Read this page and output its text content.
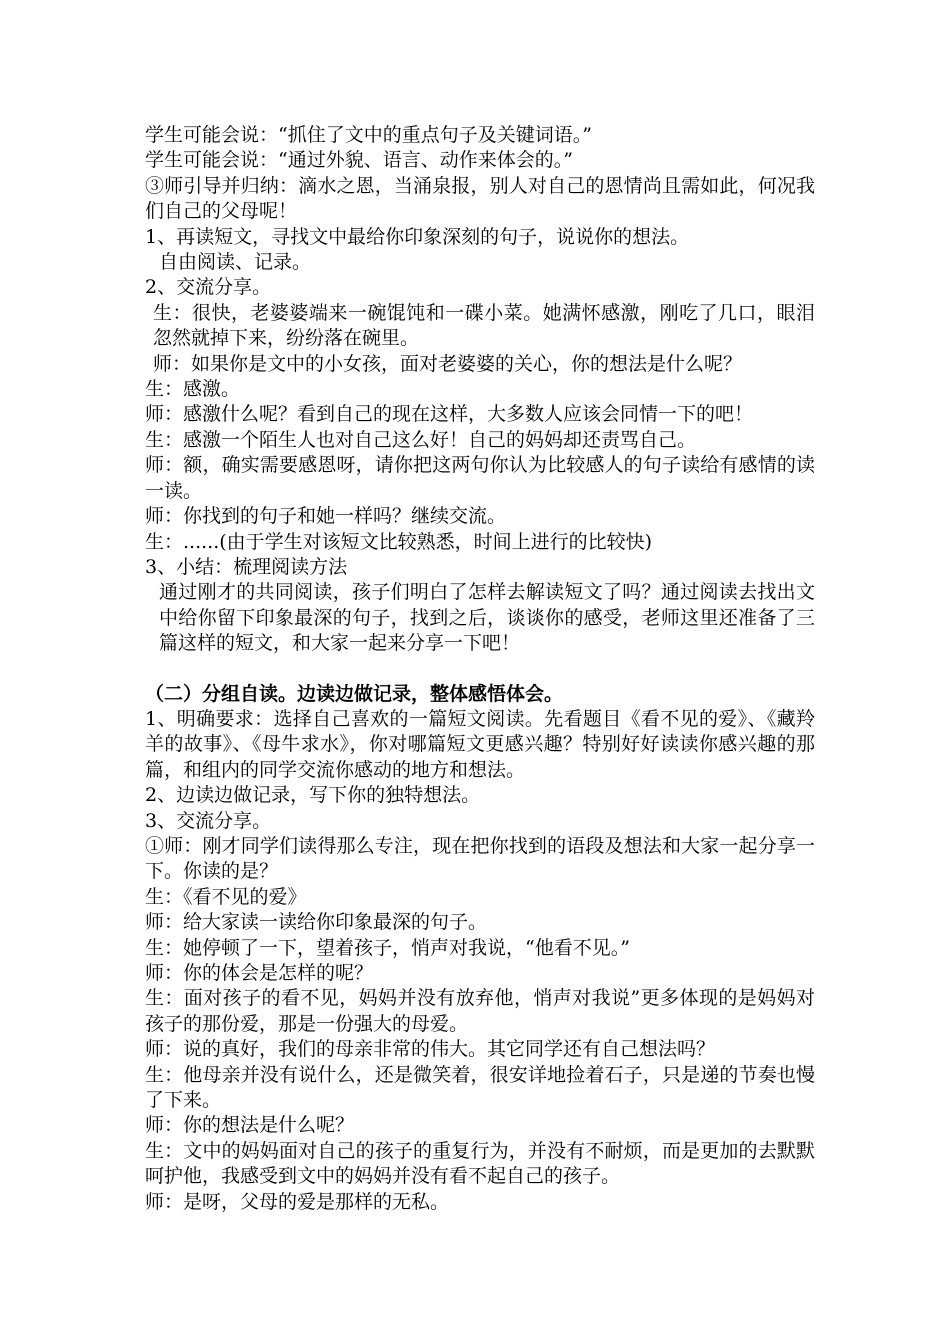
学生可能会说：“抓住了文中的重点句子及关键词语。”

学生可能会说：“通过外貌、语言、动作来体会的。”

③师引导并归纳：滴水之恩，当涌泉报，别人对自己的恩情尚且需如此，何况我们自己的父母呢！

1、再读短文，寻找文中最给你印象深刻的句子，说说你的想法。

自由阅读、记录。

2、交流分享。

生：很快，老婆婆端来一碗馄饨和一碟小菜。她满怀感激，刚吃了几口，眼泪忽然就掉下来，纷纷落在碗里。

师：如果你是文中的小女孩，面对老婆婆的关心，你的想法是什么呢？

生：感激。

师：感激什么呢？看到自己的现在这样，大多数人应该会同情一下的吧！

生：感激一个陌生人也对自己这么好！自己的妈妈却还责骂自己。

师：额，确实需要感恩呀，请你把这两句你认为比较感人的句子读给有感情的读一读。

师：你找到的句子和她一样吗？继续交流。

生：......(由于学生对该短文比较熟悉，时间上进行的比较快)

3、小结：梳理阅读方法

通过刚才的共同阅读，孩子们明白了怎样去解读短文了吗？通过阅读去找出文中给你留下印象最深的句子，找到之后，谈谈你的感受，老师这里还准备了三篇这样的短文，和大家一起来分享一下吧！

（二）分组自读。边读边做记录，整体感悟体会。

1、明确要求：选择自己喜欢的一篇短文阅读。先看题目《看不见的爱》、《藏羚羊的故事》、《母牛求水》，你对哪篇短文更感兴趣？特别好好读读你感兴趣的那篇，和组内的同学交流你感动的地方和想法。

2、边读边做记录，写下你的独特想法。

3、交流分享。

①师：刚才同学们读得那么专注，现在把你找到的语段及想法和大家一起分享一下。你读的是？

生：《看不见的爱》

师：给大家读一读给你印象最深的句子。

生：她停顿了一下，望着孩子，悄声对我说，“他看不见。”

师：你的体会是怎样的呢？

生：面对孩子的看不见，妈妈并没有放弃他，悄声对我说”更多体现的是妈妈对孩子的那份爱，那是一份强大的母爱。

师：说的真好，我们的母亲非常的伟大。其它同学还有自己想法吗？

生：他母亲并没有说什么，还是微笑着，很安详地捡着石子，只是递的节奏也慢了下来。

师：你的想法是什么呢？

生：文中的妈妈面对自己的孩子的重复行为，并没有不耐烦，而是更加的去默默呵护他，我感受到文中的妈妈并没有看不起自己的孩子。

师：是呀，父母的爱是那样的无私。
